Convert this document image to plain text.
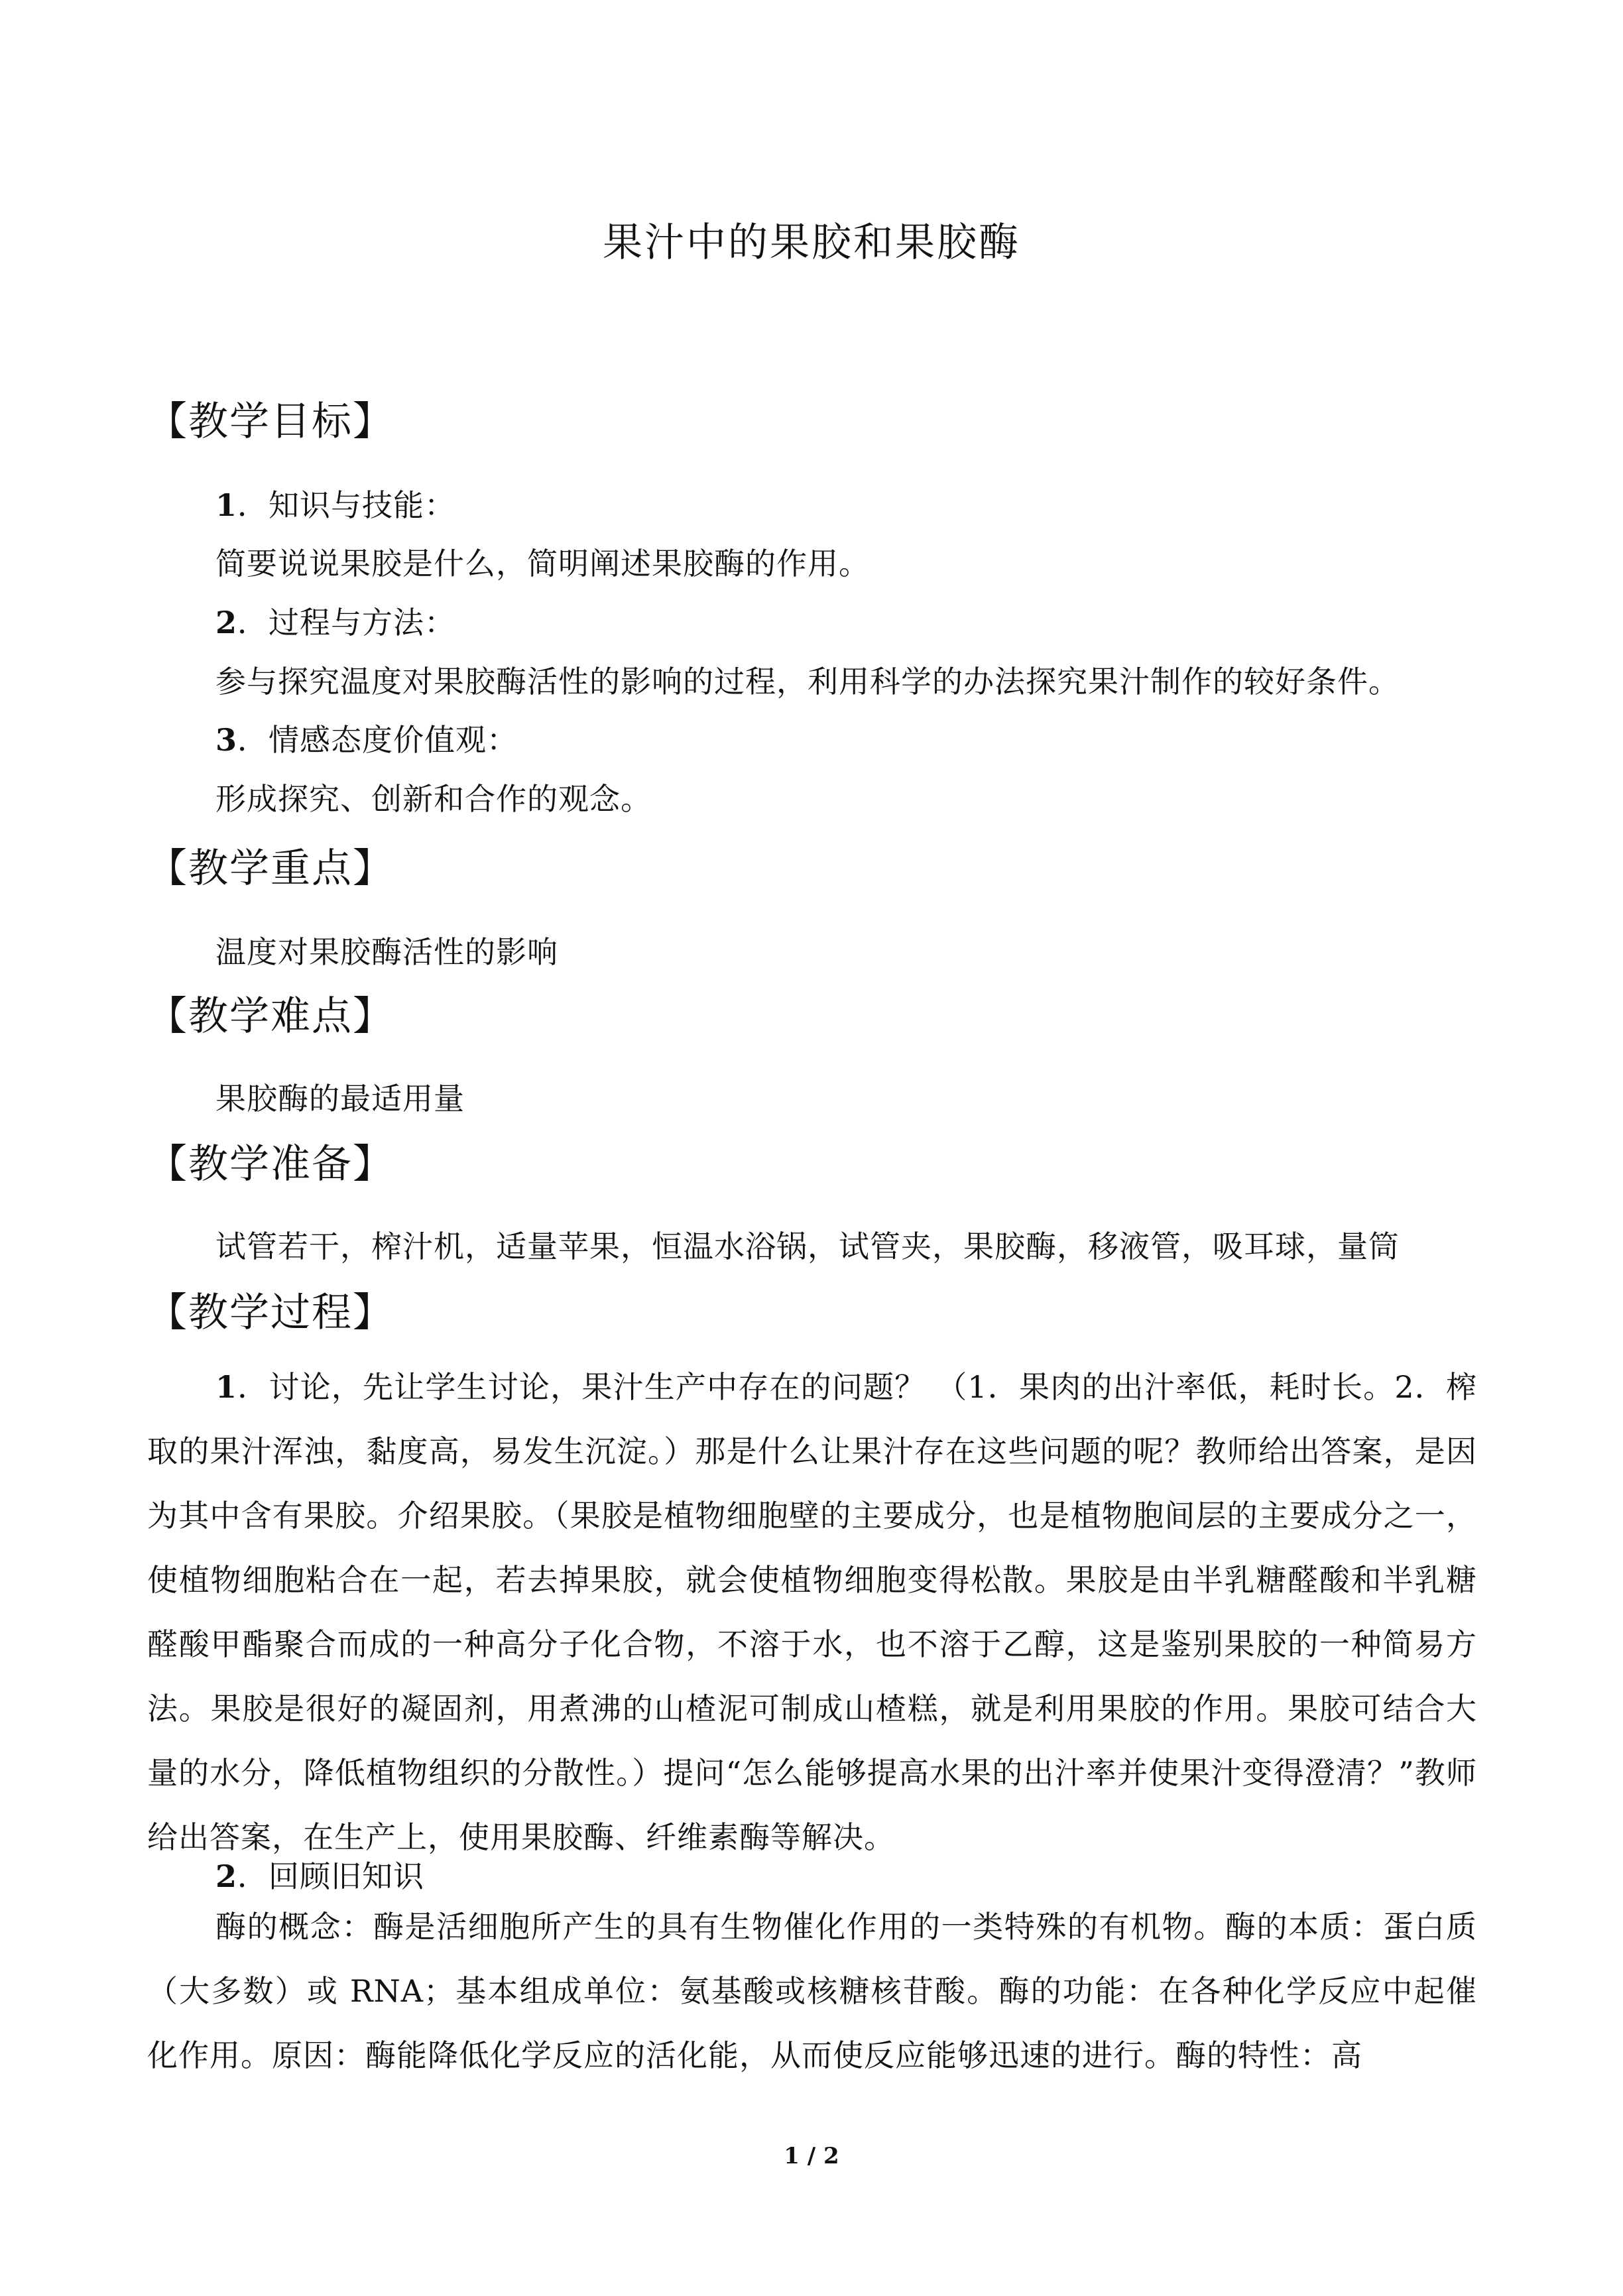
果汁中的果胶和果胶酶
【教学目标】
1．知识与技能：
简要说说果胶是什么，简明阐述果胶酶的作用。
2．过程与方法：
参与探究温度对果胶酶活性的影响的过程，利用科学的办法探究果汁制作的较好条件。
3．情感态度价值观：
形成探究、创新和合作的观念。
【教学重点】
温度对果胶酶活性的影响
【教学难点】
果胶酶的最适用量
【教学准备】
试管若干，榨汁机，适量苹果，恒温水浴锅，试管夹，果胶酶，移液管，吸耳球，量筒
【教学过程】
1．讨论，先让学生讨论，果汁生产中存在的问题？ （1．果肉的出汁率低，耗时长。2．榨取的果汁浑浊，黏度高，易发生沉淀。）那是什么让果汁存在这些问题的呢？教师给出答案，是因为其中含有果胶。介绍果胶。（果胶是植物细胞壁的主要成分，也是植物胞间层的主要成分之一，使植物细胞粘合在一起，若去掉果胶，就会使植物细胞变得松散。果胶是由半乳糖醛酸和半乳糖醛酸甲酯聚合而成的一种高分子化合物，不溶于水，也不溶于乙醇，这是鉴别果胶的一种简易方法。果胶是很好的凝固剂，用煮沸的山楂泥可制成山楂糕，就是利用果胶的作用。果胶可结合大量的水分，降低植物组织的分散性。）提问“怎么能够提高水果的出汁率并使果汁变得澄清？”教师给出答案，在生产上，使用果胶酶、纤维素酶等解决。
2．回顾旧知识
酶的概念：酶是活细胞所产生的具有生物催化作用的一类特殊的有机物。酶的本质：蛋白质（大多数）或 RNA；基本组成单位：氨基酸或核糖核苷酸。酶的功能：在各种化学反应中起催化作用。原因：酶能降低化学反应的活化能，从而使反应能够迅速的进行。酶的特性：高
1 / 2
